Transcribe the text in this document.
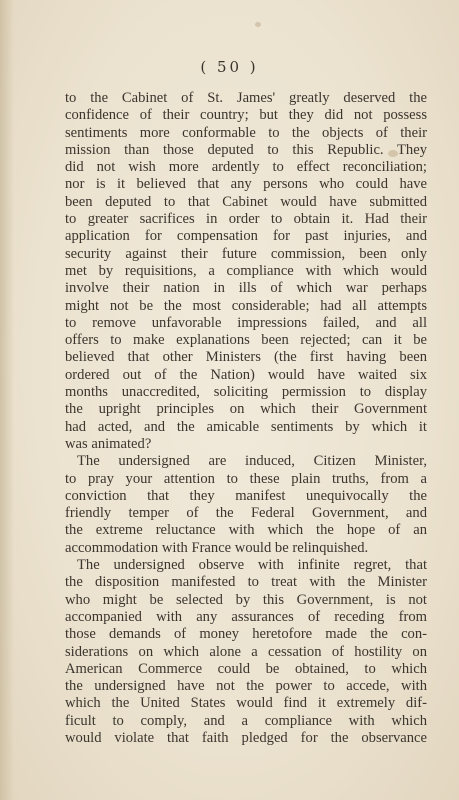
( 50 )
to the Cabinet of St. James' greatly deserved the
confidence of their country; but they did not possess
sentiments more conformable to the objects of their
mission than those deputed to this Republic. They
did not wish more ardently to effect reconciliation;
nor is it believed that any persons who could have
been deputed to that Cabinet would have submitted
to greater sacrifices in order to obtain it. Had their
application for compensation for past injuries, and
security against their future commission, been only
met by requisitions, a compliance with which would
involve their nation in ills of which war perhaps
might not be the most considerable; had all attempts
to remove unfavorable impressions failed, and all
offers to make explanations been rejected; can it be
believed that other Ministers (the first having been
ordered out of the Nation) would have waited six
months unaccredited, soliciting permission to display
the upright principles on which their Government
had acted, and the amicable sentiments by which it
was animated?
The undersigned are induced, Citizen Minister,
to pray your attention to these plain truths, from a
conviction that they manifest unequivocally the
friendly temper of the Federal Government, and
the extreme reluctance with which the hope of an
accommodation with France would be relinquished.
The undersigned observe with infinite regret, that
the disposition manifested to treat with the Minister
who might be selected by this Government, is not
accompanied with any assurances of receding from
those demands of money heretofore made the con-
siderations on which alone a cessation of hostility on
American Commerce could be obtained, to which
the undersigned have not the power to accede, with
which the United States would find it extremely dif-
ficult to comply, and a compliance with which
would violate that faith pledged for the observance
